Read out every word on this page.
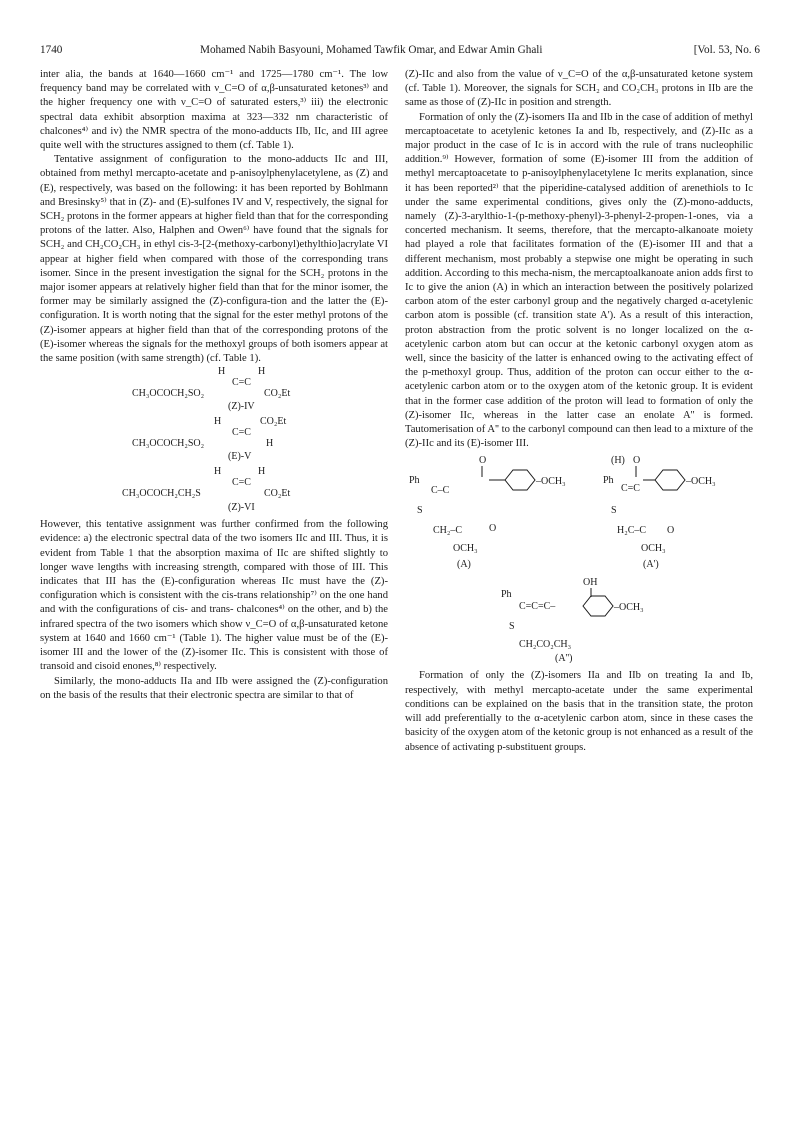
1740	Mohamed Nabih Basyouni, Mohamed Tawfik Omar, and Edwar Amin Ghali	[Vol. 53, No. 6

inter alia, the bands at 1640—1660 cm⁻¹ and 1725—1780 cm⁻¹. The low frequency band may be correlated with ν_C=O of α,β-unsaturated ketones³⁾ and the higher frequency one with ν_C=O of saturated esters,³⁾ iii) the electronic spectral data exhibit absorption maxima at 323—332 nm characteristic of chalcones⁴⁾ and iv) the NMR spectra of the mono-adducts IIb, IIc, and III agree quite well with the structures assigned to them (cf. Table 1).

Tentative assignment of configuration to the mono-adducts IIc and III, obtained from methyl mercapto-acetate and p-anisoylphenylacetylene, as (Z) and (E), respectively, was based on the following: it has been reported by Bohlmann and Bresinsky⁵⁾ that in (Z)- and (E)-sulfones IV and V, respectively, the signal for SCH₂ protons in the former appears at higher field than that for the corresponding protons of the latter. Also, Halphen and Owen⁶⁾ have found that the signals for SCH₂ and CH₂CO₂CH₃ in ethyl cis-3-[2-(methoxy-carbonyl)ethylthio]acrylate VI appear at higher field when compared with those of the corresponding trans isomer. Since in the present investigation the signal for the SCH₂ protons in the major isomer appears at relatively higher field than that for the minor isomer, the former may be similarly assigned the (Z)-configura-tion and the latter the (E)-configuration. It is worth noting that the signal for the ester methyl protons of the (Z)-isomer appears at higher field than that of the corresponding protons of the (E)-isomer whereas the signals for the methoxyl groups of both isomers appear at the same position (with same strength) (cf. Table 1).

H	H
C=C
CH₃OCOCH₂SO₂	CO₂Et
(Z)-IV
H	CO₂Et
C=C
CH₃OCOCH₂SO₂	H
(E)-V
H	H
C=C
CH₃OCOCH₂CH₂S	CO₂Et
(Z)-VI

However, this tentative assignment was further confirmed from the following evidence: a) the electronic spectral data of the two isomers IIc and III. Thus, it is evident from Table 1 that the absorption maxima of IIc are shifted slightly to longer wave lengths with increasing strength, compared with those of III. This indicates that III has the (E)-configuration whereas IIc must have the (Z)-configuration which is consistent with the cis-trans relationship⁷⁾ on the one hand and with the configurations of cis- and trans- chalcones⁴⁾ on the other, and b) the infrared spectra of the two isomers which show ν_C=O of α,β-unsaturated ketone system at 1640 and 1660 cm⁻¹ (Table 1). The higher value must be of the (E)-isomer III and the lower of the (Z)-isomer IIc. This is consistent with those of transoid and cisoid enones,⁸⁾ respectively.

Similarly, the mono-adducts IIa and IIb were assigned the (Z)-configuration on the basis of the results that their electronic spectra are similar to that of

(Z)-IIc and also from the value of ν_C=O of the α,β-unsaturated ketone system (cf. Table 1). Moreover, the signals for SCH₂ and CO₂CH₃ protons in IIb are the same as those of (Z)-IIc in position and strength.

Formation of only the (Z)-isomers IIa and IIb in the case of addition of methyl mercaptoacetate to acetylenic ketones Ia and Ib, respectively, and (Z)-IIc as a major product in the case of Ic is in accord with the rule of trans nucleophilic addition.⁹⁾ However, formation of some (E)-isomer III from the addition of methyl mercaptoacetate to p-anisoylphenylacetylene Ic merits explanation, since it has been reported²⁾ that the piperidine-catalysed addition of arenethiols to Ic under the same experimental conditions, gives only the (Z)-mono-adducts, namely (Z)-3-arylthio-1-(p-methoxy-phenyl)-3-phenyl-2-propen-1-ones, via a concerted mechanism. It seems, therefore, that the mercapto-alkanoate moiety had played a role that facilitates formation of the (E)-isomer III and that a different mechanism, most probably a stepwise one might be operating in such addition. According to this mecha-nism, the mercaptoalkanoate anion adds first to Ic to give the anion (A) in which an interaction between the positively polarized carbon atom of the ester carbonyl group and the negatively charged α-acetylenic carbon atom is possible (cf. transition state A'). As a result of this interaction, proton abstraction from the protic solvent is no longer localized on the α-acetylenic carbon atom but can occur at the ketonic carbonyl oxygen atom as well, since the basicity of the latter is enhanced owing to the activating effect of the p-methoxyl group. Thus, addition of the proton can occur either to the α-acetylenic carbon atom or to the oxygen atom of the ketonic group. It is evident that in the former case addition of the proton will lead to formation of only the (Z)-isomer IIc, whereas in the latter case an enolate A'' is formed. Tautomerisation of A'' to the carbonyl compound can then lead to a mixture of the (Z)-IIc and its (E)-isomer III.

O
Ph
C–C
–OCH₃
S
CH₂–C	O
OCH₃
(A)
(H) O
Ph
C=C
–OCH₃
S
H₂C–C O
OCH₃
(A')
OH
Ph
C=C=C–	–OCH₃
S
CH₂CO₂CH₃
(A'')

Formation of only the (Z)-isomers IIa and IIb on treating Ia and Ib, respectively, with methyl mercapto-acetate under the same experimental conditions can be explained on the basis that in the transition state, the proton will add preferentially to the α-acetylenic carbon atom, since in these cases the basicity of the oxygen atom of the ketonic group is not enhanced as a result of the absence of activating p-substituent groups.
